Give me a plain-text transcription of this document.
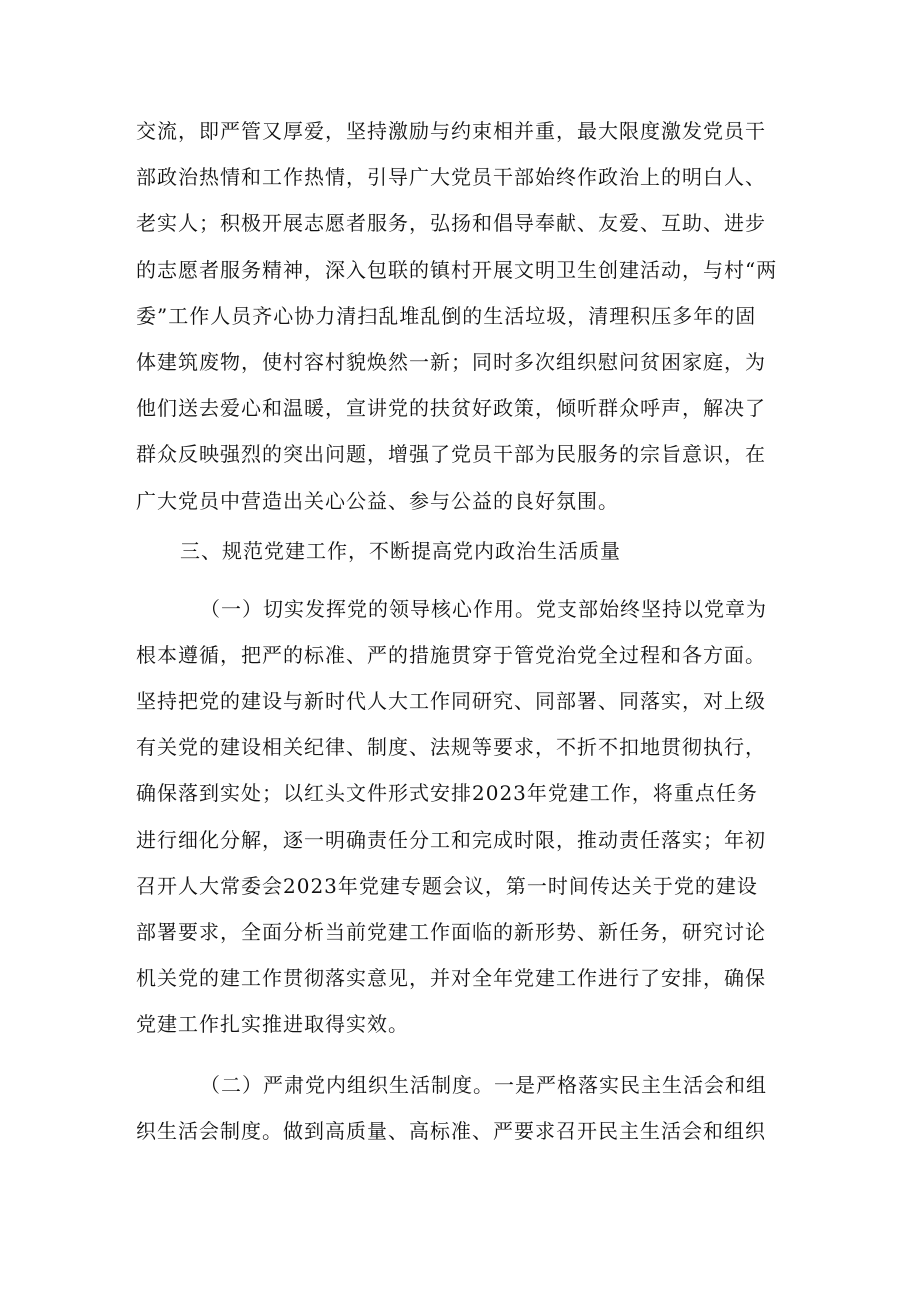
交流，即严管又厚爱，坚持激励与约束相并重，最大限度激发党员干
部政治热情和工作热情，引导广大党员干部始终作政治上的明白人、
老实人；积极开展志愿者服务，弘扬和倡导奉献、友爱、互助、进步
的志愿者服务精神，深入包联的镇村开展文明卫生创建活动，与村“两
委”工作人员齐心协力清扫乱堆乱倒的生活垃圾，清理积压多年的固
体建筑废物，使村容村貌焕然一新；同时多次组织慰问贫困家庭，为
他们送去爱心和温暖，宣讲党的扶贫好政策，倾听群众呼声，解决了
群众反映强烈的突出问题，增强了党员干部为民服务的宗旨意识，在
广大党员中营造出关心公益、参与公益的良好氛围。
三、规范党建工作，不断提高党内政治生活质量
（一）切实发挥党的领导核心作用。党支部始终坚持以党章为
根本遵循，把严的标准、严的措施贯穿于管党治党全过程和各方面。
坚持把党的建设与新时代人大工作同研究、同部署、同落实，对上级
有关党的建设相关纪律、制度、法规等要求，不折不扣地贯彻执行，
确保落到实处；以红头文件形式安排2023年党建工作，将重点任务
进行细化分解，逐一明确责任分工和完成时限，推动责任落实；年初
召开人大常委会2023年党建专题会议，第一时间传达关于党的建设
部署要求，全面分析当前党建工作面临的新形势、新任务，研究讨论
机关党的建工作贯彻落实意见，并对全年党建工作进行了安排，确保
党建工作扎实推进取得实效。
（二）严肃党内组织生活制度。一是严格落实民主生活会和组
织生活会制度。做到高质量、高标准、严要求召开民主生活会和组织
